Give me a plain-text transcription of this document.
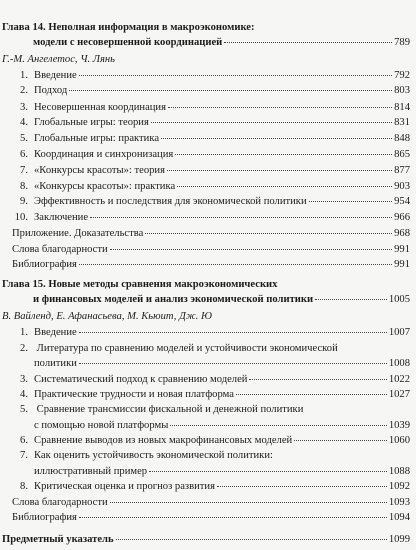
Глава 14. Неполная информация в макроэкономике:
модели с несовершенной координацией	789
Г.-М. Ангелетос, Ч. Лянь
1. Введение	792
2. Подход	803
3. Несовершенная координация	814
4. Глобальные игры: теория	831
5. Глобальные игры: практика	848
6. Координация и синхронизация	865
7. «Конкурсы красоты»: теория	877
8. «Конкурсы красоты»: практика	903
9. Эффективность и последствия для экономической политики	954
10. Заключение	966
Приложение. Доказательства	968
Слова благодарности	991
Библиография	991
Глава 15. Новые методы сравнения макроэкономических
и финансовых моделей и анализ экономической политики	1005
В. Вайленд, Е. Афанасьева, М. Кьюит, Дж. Ю
1. Введение	1007
2. Литература по сравнению моделей и устойчивости экономической
политики	1008
3. Систематический подход к сравнению моделей	1022
4. Практические трудности и новая платформа	1027
5. Сравнение трансмиссии фискальной и денежной политики
с помощью новой платформы	1039
6. Сравнение выводов из новых макрофинансовых моделей	1060
7. Как оценить устойчивость экономической политики:
иллюстративный пример	1088
8. Критическая оценка и прогноз развития	1092
Слова благодарности	1093
Библиография	1094
Предметный указатель	1099
